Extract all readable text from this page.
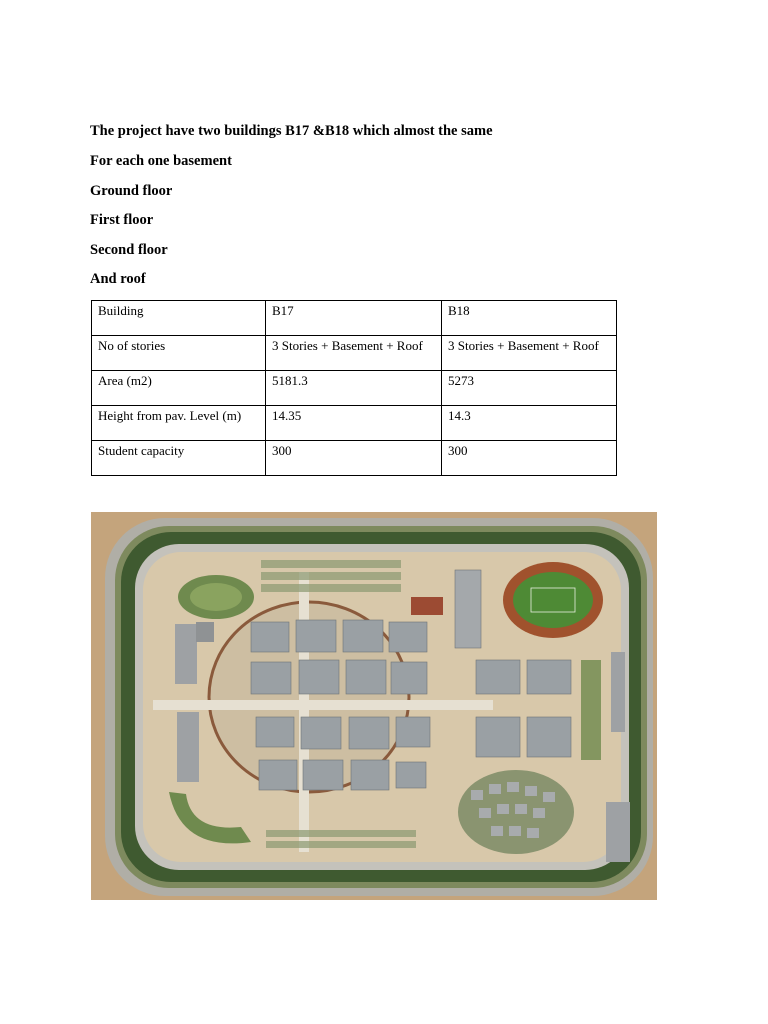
The project have two buildings B17 &B18 which almost the same

For each one basement

Ground floor

First floor

Second floor

And roof

Building	B17	B18
No of stories	3 Stories + Basement + Roof	3 Stories + Basement + Roof
Area (m2)	5181.3	5273
Height from pav. Level (m)	14.35	14.3
Student capacity	300	300
